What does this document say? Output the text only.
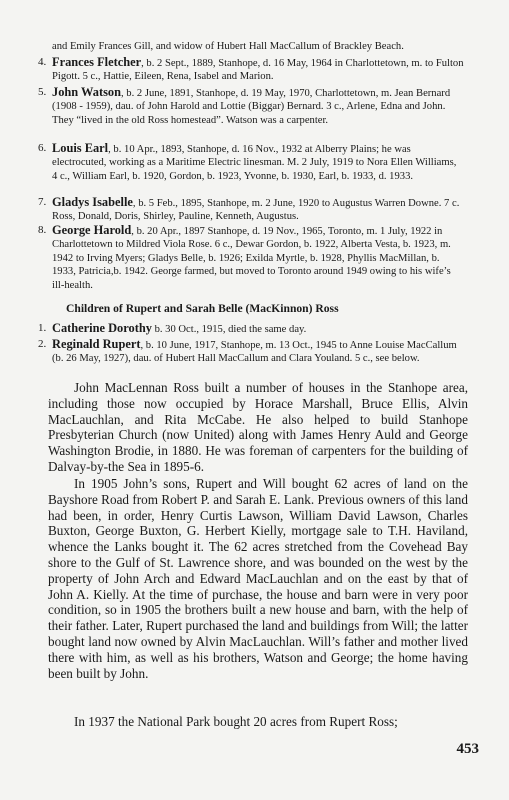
and Emily Frances Gill, and widow of Hubert Hall MacCallum of Brackley Beach.
4. Frances Fletcher, b. 2 Sept., 1889, Stanhope, d. 16 May, 1964 in Charlottetown, m. to Fulton Pigott. 5 c., Hattie, Eileen, Rena, Isabel and Marion.
5. John Watson, b. 2 June, 1891, Stanhope, d. 19 May, 1970, Charlottetown, m. Jean Bernard (1908 - 1959), dau. of John Harold and Lottie (Biggar) Bernard. 3 c., Arlene, Edna and John. They “lived in the old Ross homestead”. Watson was a carpenter.
6. Louis Earl, b. 10 Apr., 1893, Stanhope, d. 16 Nov., 1932 at Alberry Plains; he was electrocuted, working as a Maritime Electric linesman. M. 2 July, 1919 to Nora Ellen Williams, 4 c., William Earl, b. 1920, Gordon, b. 1923, Yvonne, b. 1930, Earl, b. 1933, d. 1933.
7. Gladys Isabelle, b. 5 Feb., 1895, Stanhope, m. 2 June, 1920 to Augustus Warren Downe. 7 c. Ross, Donald, Doris, Shirley, Pauline, Kenneth, Augustus.
8. George Harold, b. 20 Apr., 1897 Stanhope, d. 19 Nov., 1965, Toronto, m. 1 July, 1922 in Charlottetown to Mildred Viola Rose. 6 c., Dewar Gordon, b. 1922, Alberta Vesta, b. 1923, m. 1942 to Irving Myers; Gladys Belle, b. 1926; Exilda Myrtle, b. 1928, Phyllis MacMillan, b. 1933, Patricia,b. 1942. George farmed, but moved to Toronto around 1949 owing to his wife’s ill-health.
Children of Rupert and Sarah Belle (MacKinnon) Ross
1. Catherine Dorothy b. 30 Oct., 1915, died the same day.
2. Reginald Rupert, b. 10 June, 1917, Stanhope, m. 13 Oct., 1945 to Anne Louise MacCallum (b. 26 May, 1927), dau. of Hubert Hall MacCallum and Clara Youland. 5 c., see below.
John MacLennan Ross built a number of houses in the Stanhope area, including those now occupied by Horace Marshall, Bruce Ellis, Alvin MacLauchlan, and Rita McCabe. He also helped to build Stanhope Presbyterian Church (now United) along with James Henry Auld and George Washington Brodie, in 1880. He was foreman of carpenters for the building of Dalvay-by-the Sea in 1895-6.
In 1905 John’s sons, Rupert and Will bought 62 acres of land on the Bayshore Road from Robert P. and Sarah E. Lank. Previous owners of this land had been, in order, Henry Curtis Lawson, William David Lawson, Charles Buxton, George Buxton, G. Herbert Kielly, mortgage sale to T.H. Haviland, whence the Lanks bought it. The 62 acres stretched from the Covehead Bay shore to the Gulf of St. Lawrence shore, and was bounded on the west by the property of John Arch and Edward MacLauchlan and on the east by that of John A. Kielly. At the time of purchase, the house and barn were in very poor condition, so in 1905 the brothers built a new house and barn, with the help of their father. Later, Rupert purchased the land and buildings from Will; the latter bought land now owned by Alvin MacLauchlan. Will’s father and mother lived there with him, as well as his brothers, Watson and George; the home having been built by John.
In 1937 the National Park bought 20 acres from Rupert Ross;
453
